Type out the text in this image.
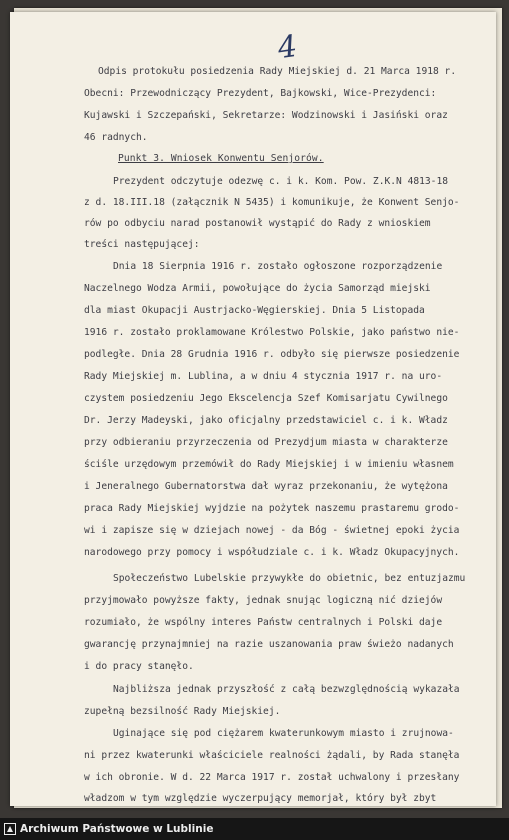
4
Odpis protokułu posiedzenia Rady Miejskiej d. 21 Marca 1918 r.
Obecni: Przewodniczący Prezydent, Bajkowski, Wice-Prezydenci:
Kujawski i Szczepański, Sekretarze: Wodzinowski i Jasiński oraz
46 radnych.
Punkt 3. Wniosek Konwentu Senjorów.
Prezydent odczytuje odezwę c. i k. Kom. Pow. Z.K.N 4813-18
z d. 18.III.18 (załącznik N 5435) i komunikuje, że Konwent Senjo-
rów po odbyciu narad postanowił wystąpić do Rady z wnioskiem
treści następującej:
Dnia 18 Sierpnia 1916 r. zostało ogłoszone rozporządzenie
Naczelnego Wodza Armii, powołujące do życia Samorząd miejski
dla miast Okupacji Austrjacko-Węgierskiej. Dnia 5 Listopada
1916 r. zostało proklamowane Królestwo Polskie, jako państwo nie-
podległe. Dnia 28 Grudnia 1916 r. odbyło się pierwsze posiedzenie
Rady Miejskiej m. Lublina, a w dniu 4 stycznia 1917 r. na uro-
czystem posiedzeniu Jego Ekscelencja Szef Komisarjatu Cywilnego
Dr. Jerzy Madeyski, jako oficjalny przedstawiciel c. i k. Władz
przy odbieraniu przyrzeczenia od Prezydjum miasta w charakterze
ściśle urzędowym przemówił do Rady Miejskiej i w imieniu własnem
i Jeneralnego Gubernatorstwa dał wyraz przekonaniu, że wytężona
praca Rady Miejskiej wyjdzie na pożytek naszemu prastaremu grodo-
wi i zapisze się w dziejach nowej - da Bóg - świetnej epoki życia
narodowego przy pomocy i współudziale c. i k. Władz Okupacyjnych.
Społeczeństwo Lubelskie przywykłe do obietnic, bez entuzjazmu
przyjmowało powyższe fakty, jednak snując logiczną nić dziejów
rozumiało, że wspólny interes Państw centralnych i Polski daje
gwarancję przynajmniej na razie uszanowania praw świeżo nadanych
i do pracy stanęło.
Najbliższa jednak przyszłość z całą bezwzględnością wykazała
zupełną bezsilność Rady Miejskiej.
Uginające się pod ciężarem kwaterunkowym miasto i zrujnowa-
ni przez kwaterunki właściciele realności żądali, by Rada stanęła
w ich obronie. W d. 22 Marca 1917 r. został uchwalony i przesłany
władzom w tym względzie wyczerpujący memorjał, który był zbyt
Archiwum Państwowe w Lublinie
